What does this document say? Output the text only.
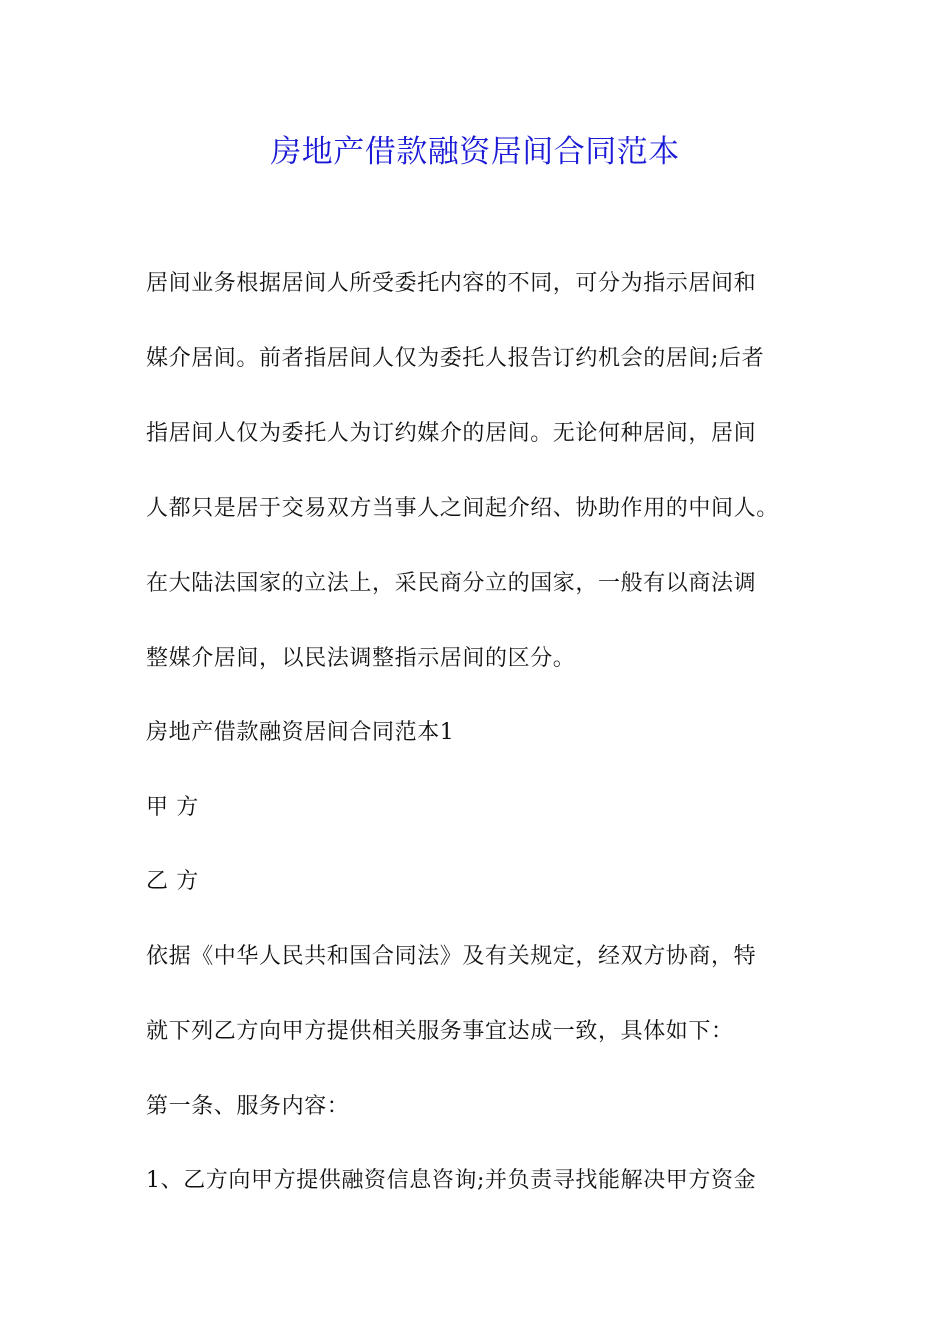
房地产借款融资居间合同范本

居间业务根据居间人所受委托内容的不同，可分为指示居间和

媒介居间。前者指居间人仅为委托人报告订约机会的居间;后者

指居间人仅为委托人为订约媒介的居间。无论何种居间，居间

人都只是居于交易双方当事人之间起介绍、协助作用的中间人。

在大陆法国家的立法上，采民商分立的国家，一般有以商法调

整媒介居间，以民法调整指示居间的区分。

房地产借款融资居间合同范本1

甲 方

乙 方

依据《中华人民共和国合同法》及有关规定，经双方协商，特

就下列乙方向甲方提供相关服务事宜达成一致，具体如下：

第一条、服务内容：

1、乙方向甲方提供融资信息咨询;并负责寻找能解决甲方资金
